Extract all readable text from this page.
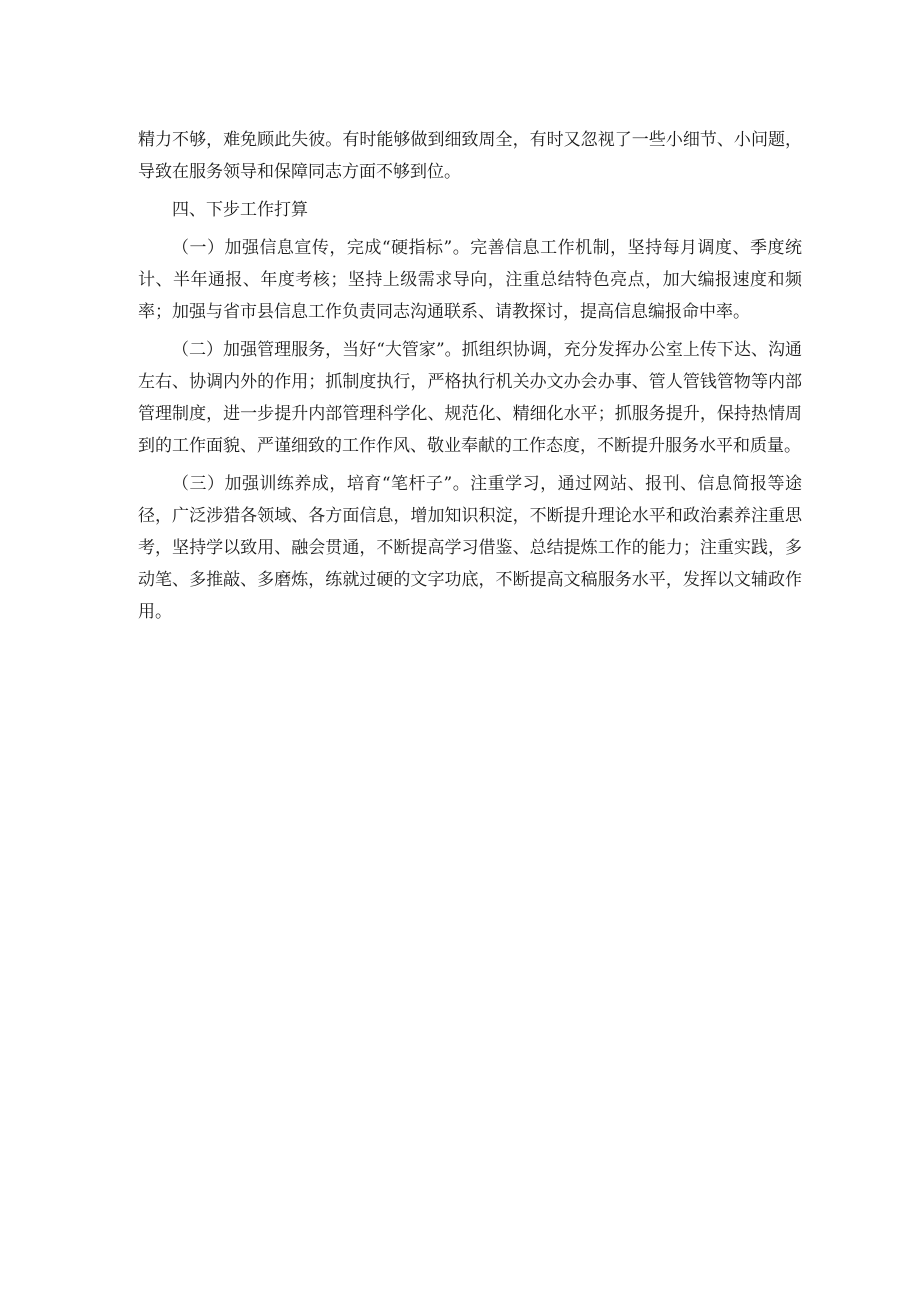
精力不够，难免顾此失彼。有时能够做到细致周全，有时又忽视了一些小细节、小问题，导致在服务领导和保障同志方面不够到位。

四、下步工作打算

（一）加强信息宣传，完成“硬指标”。完善信息工作机制，坚持每月调度、季度统计、半年通报、年度考核；坚持上级需求导向，注重总结特色亮点，加大编报速度和频率；加强与省市县信息工作负责同志沟通联系、请教探讨，提高信息编报命中率。

（二）加强管理服务，当好“大管家”。抓组织协调，充分发挥办公室上传下达、沟通左右、协调内外的作用；抓制度执行，严格执行机关办文办会办事、管人管钱管物等内部管理制度，进一步提升内部管理科学化、规范化、精细化水平；抓服务提升，保持热情周到的工作面貌、严谨细致的工作作风、敬业奉献的工作态度，不断提升服务水平和质量。

（三）加强训练养成，培育“笔杆子”。注重学习，通过网站、报刊、信息简报等途径，广泛涉猎各领域、各方面信息，增加知识积淀，不断提升理论水平和政治素养注重思考，坚持学以致用、融会贯通，不断提高学习借鉴、总结提炼工作的能力；注重实践，多动笔、多推敲、多磨炼，练就过硬的文字功底，不断提高文稿服务水平，发挥以文辅政作用。
